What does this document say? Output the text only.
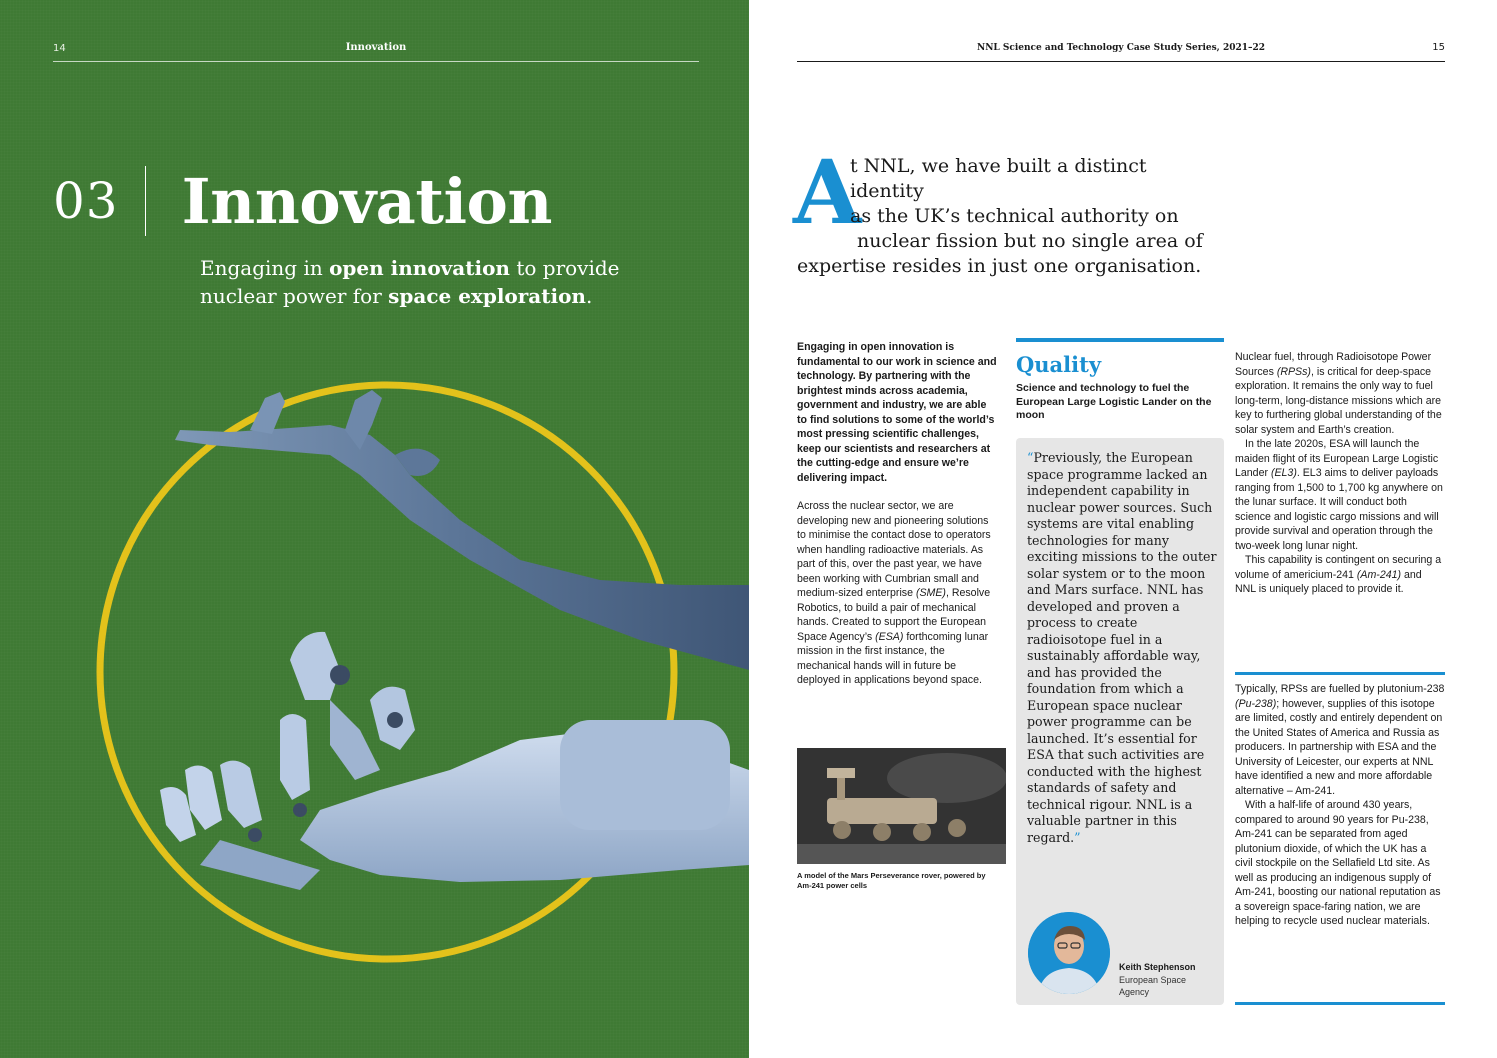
14	Innovation
03 Innovation
Engaging in open innovation to provide nuclear power for space exploration.
NNL Science and Technology Case Study Series, 2021–22	15
A
t NNL, we have built a distinct identity
as the UK’s technical authority on
nuclear fission but no single area of
expertise resides in just one organisation.

Engaging in open innovation is fundamental to our work in science and technology. By partnering with the brightest minds across academia, government and industry, we are able to find solutions to some of the world’s most pressing scientific challenges, keep our scientists and researchers at the cutting-edge and ensure we’re delivering impact.

Across the nuclear sector, we are developing new and pioneering solutions to minimise the contact dose to operators when handling radioactive materials. As part of this, over the past year, we have been working with Cumbrian small and medium-sized enterprise (SME), Resolve Robotics, to build a pair of mechanical hands. Created to support the European Space Agency’s (ESA) forthcoming lunar mission in the first instance, the mechanical hands will in future be deployed in applications beyond space.

A model of the Mars Perseverance rover, powered by Am-241 power cells
Quality
Science and technology to fuel the European Large Logistic Lander on the moon
“Previously, the European space programme lacked an independent capability in nuclear power sources. Such systems are vital enabling technologies for many exciting missions to the outer solar system or to the moon and Mars surface. NNL has developed and proven a process to create radioisotope fuel in a sustainably affordable way, and has provided the foundation from which a European space nuclear power programme can be launched. It’s essential for ESA that such activities are conducted with the highest standards of safety and technical rigour. NNL is a valuable partner in this regard.”
Keith Stephenson
European Space Agency

Nuclear fuel, through Radioisotope Power Sources (RPSs), is critical for deep-space exploration. It remains the only way to fuel long-term, long-distance missions which are key to furthering global understanding of the solar system and Earth’s creation.

In the late 2020s, ESA will launch the maiden flight of its European Large Logistic Lander (EL3). EL3 aims to deliver payloads ranging from 1,500 to 1,700 kg anywhere on the lunar surface. It will conduct both science and logistic cargo missions and will provide survival and operation through the two-week long lunar night.

This capability is contingent on securing a volume of americium-241 (Am-241) and NNL is uniquely placed to provide it.

Typically, RPSs are fuelled by plutonium-238 (Pu-238); however, supplies of this isotope are limited, costly and entirely dependent on the United States of America and Russia as producers. In partnership with ESA and the University of Leicester, our experts at NNL have identified a new and more affordable alternative – Am-241.

With a half-life of around 430 years, compared to around 90 years for Pu-238, Am-241 can be separated from aged plutonium dioxide, of which the UK has a civil stockpile on the Sellafield Ltd site. As well as producing an indigenous supply of Am-241, boosting our national reputation as a sovereign space-faring nation, we are helping to recycle used nuclear materials.
